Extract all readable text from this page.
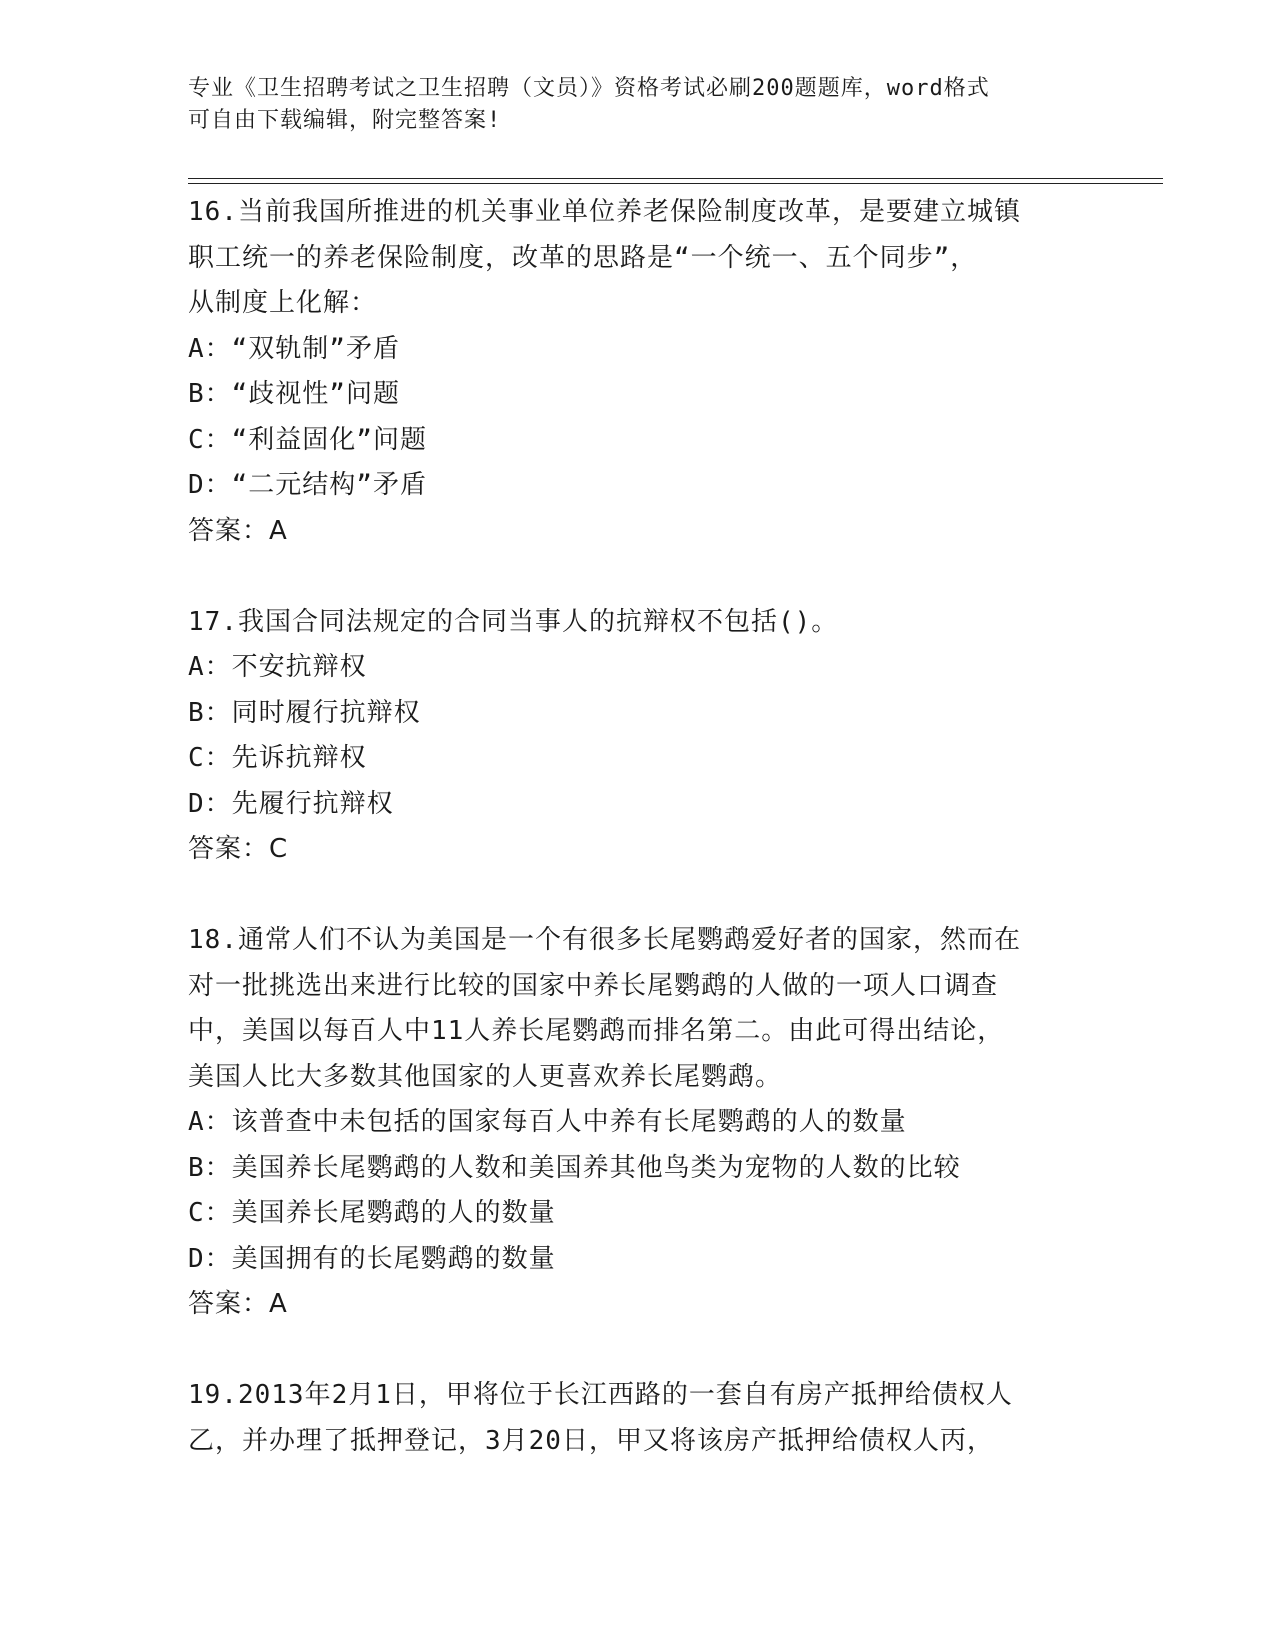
专业《卫生招聘考试之卫生招聘（文员）》资格考试必刷200题题库，word格式
可自由下载编辑，附完整答案!
16.当前我国所推进的机关事业单位养老保险制度改革，是要建立城镇
职工统一的养老保险制度，改革的思路是“一个统一、五个同步”，
从制度上化解：
A：“双轨制”矛盾
B：“歧视性”问题
C：“利益固化”问题
D：“二元结构”矛盾
答案：A
17.我国合同法规定的合同当事人的抗辩权不包括()。
A：不安抗辩权
B：同时履行抗辩权
C：先诉抗辩权
D：先履行抗辩权
答案：C
18.通常人们不认为美国是一个有很多长尾鹦鹉爱好者的国家，然而在
对一批挑选出来进行比较的国家中养长尾鹦鹉的人做的一项人口调查
中，美国以每百人中11人养长尾鹦鹉而排名第二。由此可得出结论，
美国人比大多数其他国家的人更喜欢养长尾鹦鹉。
A：该普查中未包括的国家每百人中养有长尾鹦鹉的人的数量
B：美国养长尾鹦鹉的人数和美国养其他鸟类为宠物的人数的比较
C：美国养长尾鹦鹉的人的数量
D：美国拥有的长尾鹦鹉的数量
答案：A
19.2013年2月1日，甲将位于长江西路的一套自有房产抵押给债权人
乙，并办理了抵押登记，3月20日，甲又将该房产抵押给债权人丙，
